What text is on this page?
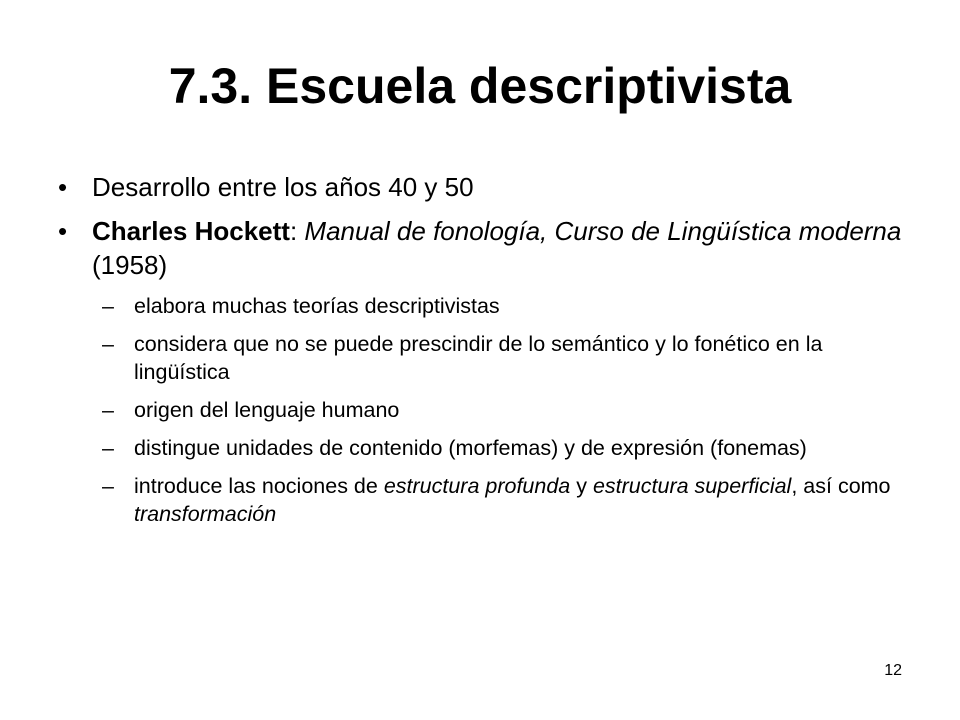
7.3. Escuela descriptivista
• Desarrollo entre los años 40 y 50
• Charles Hockett: Manual de fonología, Curso de Lingüística moderna (1958)
– elabora muchas teorías descriptivistas
– considera que no se puede prescindir de lo semántico y lo fonético en la lingüística
– origen del lenguaje humano
– distingue unidades de contenido (morfemas) y de expresión (fonemas)
– introduce las nociones de estructura profunda y estructura superficial, así como transformación
12
